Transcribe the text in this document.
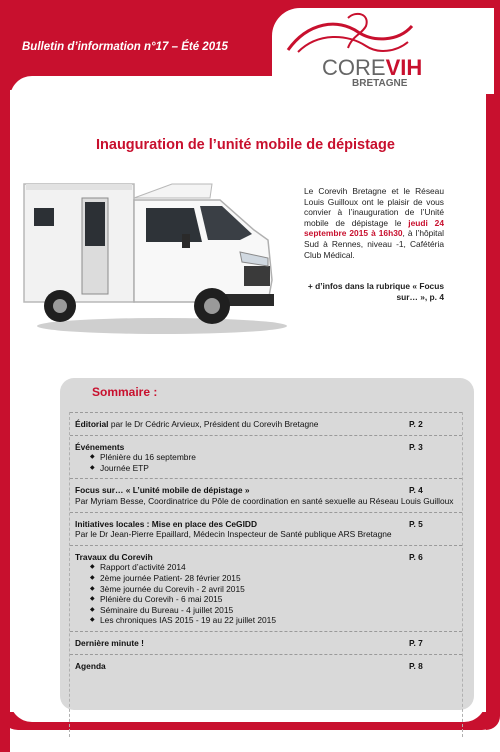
Bulletin d’information n°17 – Été 2015
COREVIH
BRETAGNE
Inauguration de l’unité mobile de dépistage
Le Corevih Bretagne et le Réseau Louis Guilloux ont le plaisir de vous convier à l’inauguration de l’Unité mobile de dépistage le jeudi 24 septembre 2015 à 16h30, à l’hôpital Sud à Rennes, niveau -1, Cafétéria Club Médical.
+ d’infos dans la rubrique « Focus sur… », p. 4
Sommaire :
Éditorial par le Dr Cédric Arvieux, Président du Corevih Bretagne	P. 2
Événements
◆ Plénière du 16 septembre
◆ Journée ETP
P. 3
Focus sur… « L’unité mobile de dépistage »
Par Myriam Besse, Coordinatrice du Pôle de coordination en santé sexuelle au Réseau Louis Guilloux
P. 4
Initiatives locales : Mise en place des CeGIDD
Par le Dr Jean-Pierre Epaillard, Médecin Inspecteur de Santé publique ARS Bretagne
P. 5
Travaux du Corevih
◆ Rapport d’activité 2014
◆ 2ème journée Patient- 28 février 2015
◆ 3ème journée du Corevih - 2 avril 2015
◆ Plénière du Corevih - 6 mai 2015
◆ Séminaire du Bureau - 4 juillet 2015
◆ Les chroniques IAS 2015 - 19 au 22 juillet 2015
P. 6
Dernière minute !	P. 7
Agenda	P. 8
